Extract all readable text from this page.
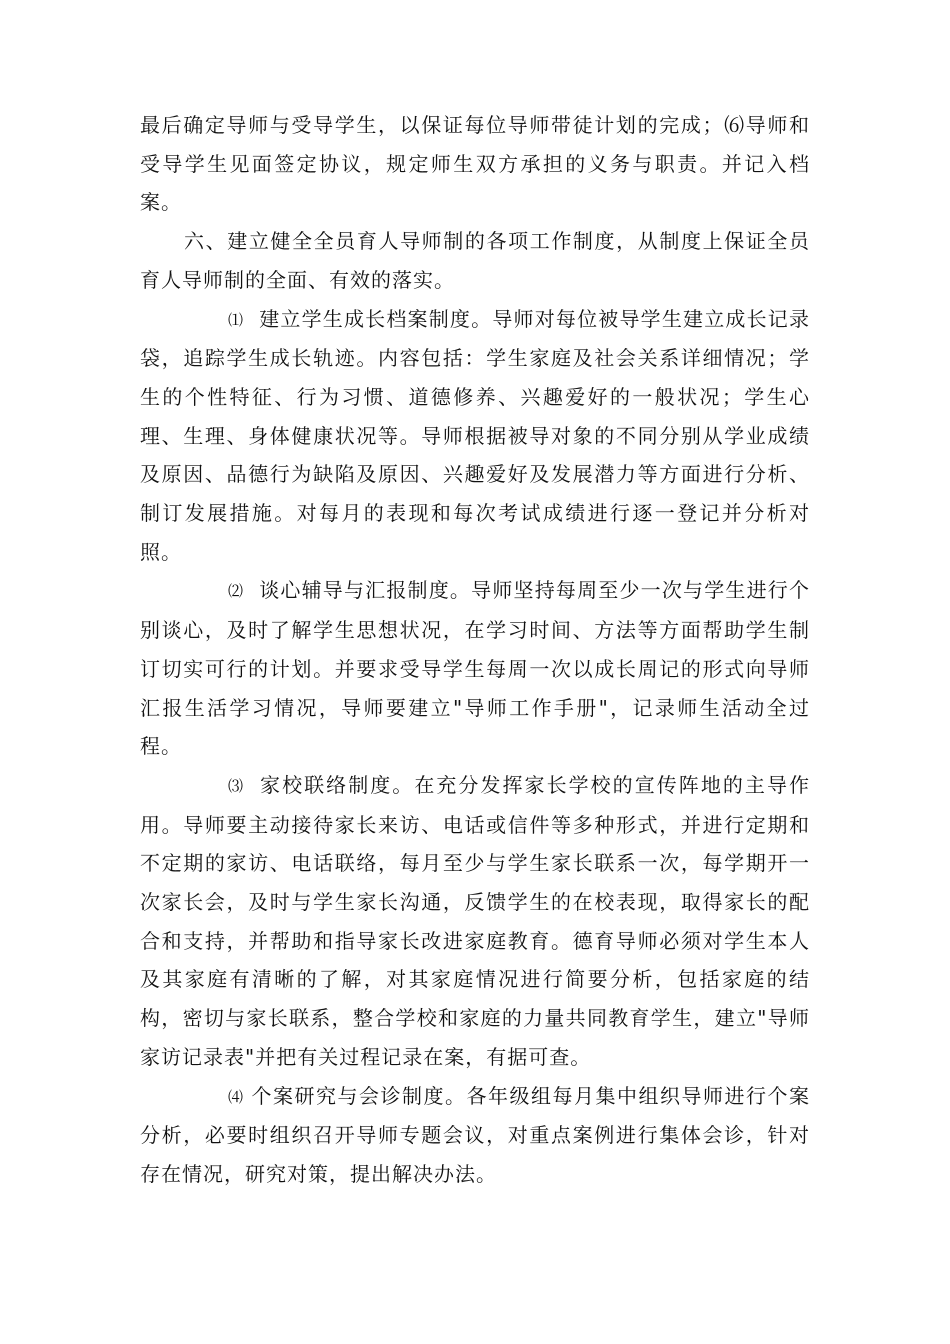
最后确定导师与受导学生，以保证每位导师带徒计划的完成；⑹导师和受导学生见面签定协议，规定师生双方承担的义务与职责。并记入档案。

六、建立健全全员育人导师制的各项工作制度，从制度上保证全员育人导师制的全面、有效的落实。

⑴ 建立学生成长档案制度。导师对每位被导学生建立成长记录袋，追踪学生成长轨迹。内容包括：学生家庭及社会关系详细情况；学生的个性特征、行为习惯、道德修养、兴趣爱好的一般状况；学生心理、生理、身体健康状况等。导师根据被导对象的不同分别从学业成绩及原因、品德行为缺陷及原因、兴趣爱好及发展潜力等方面进行分析、制订发展措施。对每月的表现和每次考试成绩进行逐一登记并分析对照。

⑵ 谈心辅导与汇报制度。导师坚持每周至少一次与学生进行个别谈心，及时了解学生思想状况，在学习时间、方法等方面帮助学生制订切实可行的计划。并要求受导学生每周一次以成长周记的形式向导师汇报生活学习情况，导师要建立"导师工作手册"，记录师生活动全过程。

⑶ 家校联络制度。在充分发挥家长学校的宣传阵地的主导作用。导师要主动接待家长来访、电话或信件等多种形式，并进行定期和不定期的家访、电话联络，每月至少与学生家长联系一次，每学期开一次家长会，及时与学生家长沟通，反馈学生的在校表现，取得家长的配合和支持，并帮助和指导家长改进家庭教育。德育导师必须对学生本人及其家庭有清晰的了解，对其家庭情况进行简要分析，包括家庭的结构，密切与家长联系，整合学校和家庭的力量共同教育学生，建立"导师家访记录表"并把有关过程记录在案，有据可查。

⑷ 个案研究与会诊制度。各年级组每月集中组织导师进行个案分析，必要时组织召开导师专题会议，对重点案例进行集体会诊，针对存在情况，研究对策，提出解决办法。
